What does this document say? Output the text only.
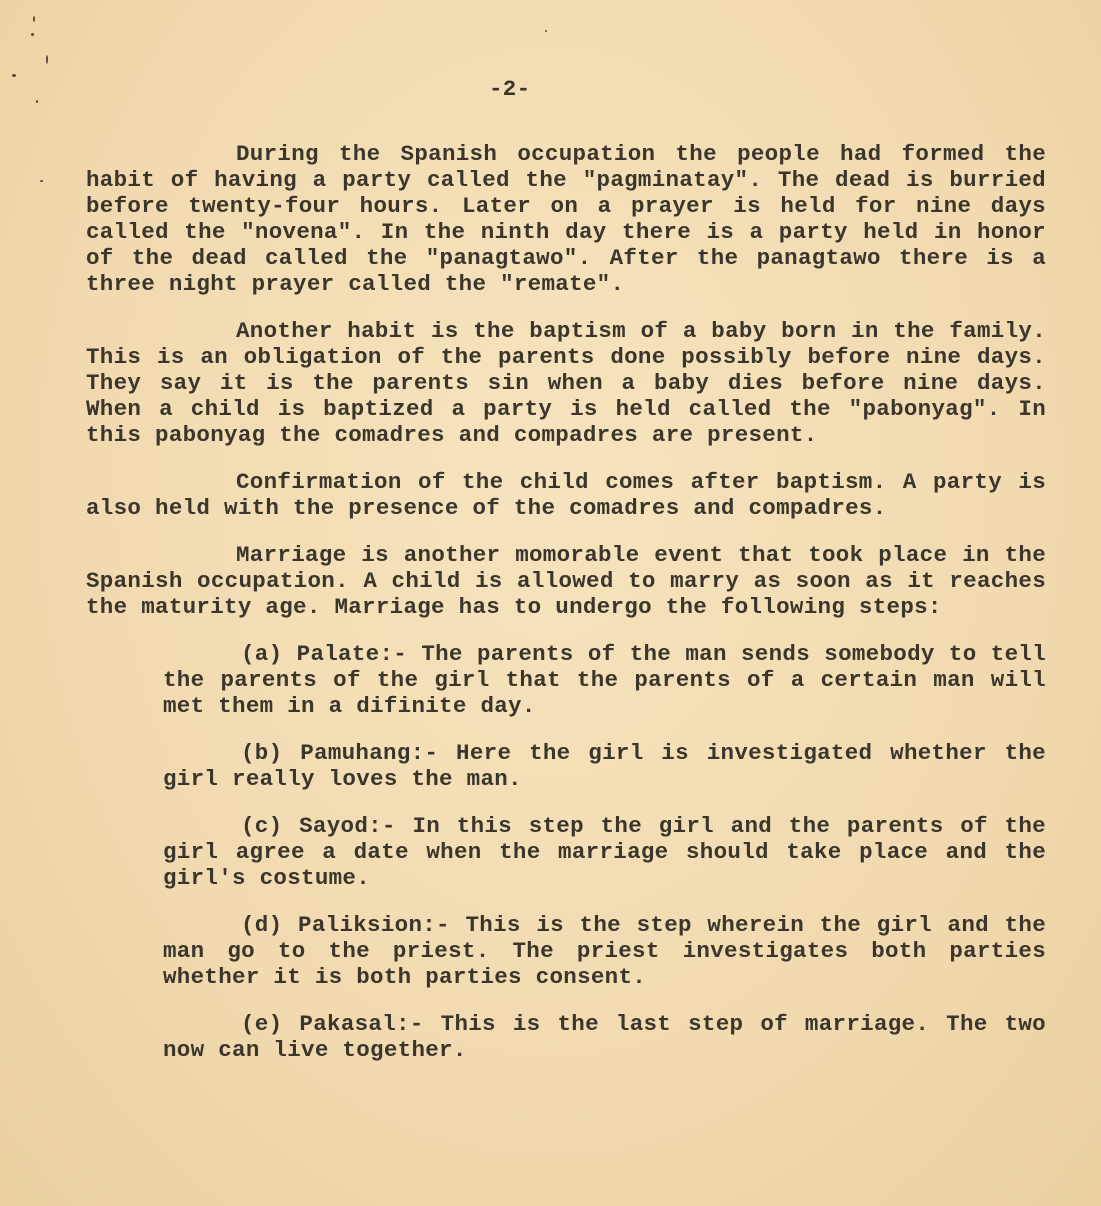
-2-

During the Spanish occupation the people had formed the habit of having a party called the "pagminatay". The dead is burried before twenty-four hours. Later on a prayer is held for nine days called the "novena". In the ninth day there is a party held in honor of the dead called the "panagtawo". After the panagtawo there is a three night prayer called the "remate".

Another habit is the baptism of a baby born in the family. This is an obligation of the parents done possibly before nine days. They say it is the parents sin when a baby dies before nine days. When a child is baptized a party is held called the "pabonyag". In this pabonyag the comadres and compadres are present.

Confirmation of the child comes after baptism. A party is also held with the presence of the comadres and compadres.

Marriage is another momorable event that took place in the Spanish occupation. A child is allowed to marry as soon as it reaches the maturity age. Marriage has to undergo the following steps:

(a) Palate:- The parents of the man sends somebody to tell the parents of the girl that the parents of a certain man will met them in a difinite day.

(b) Pamuhang:- Here the girl is investigated whether the girl really loves the man.

(c) Sayod:- In this step the girl and the parents of the girl agree a date when the marriage should take place and the girl's costume.

(d) Paliksion:- This is the step wherein the girl and the man go to the priest. The priest investigates both parties whether it is both parties consent.

(e) Pakasal:- This is the last step of marriage. The two now can live together.
